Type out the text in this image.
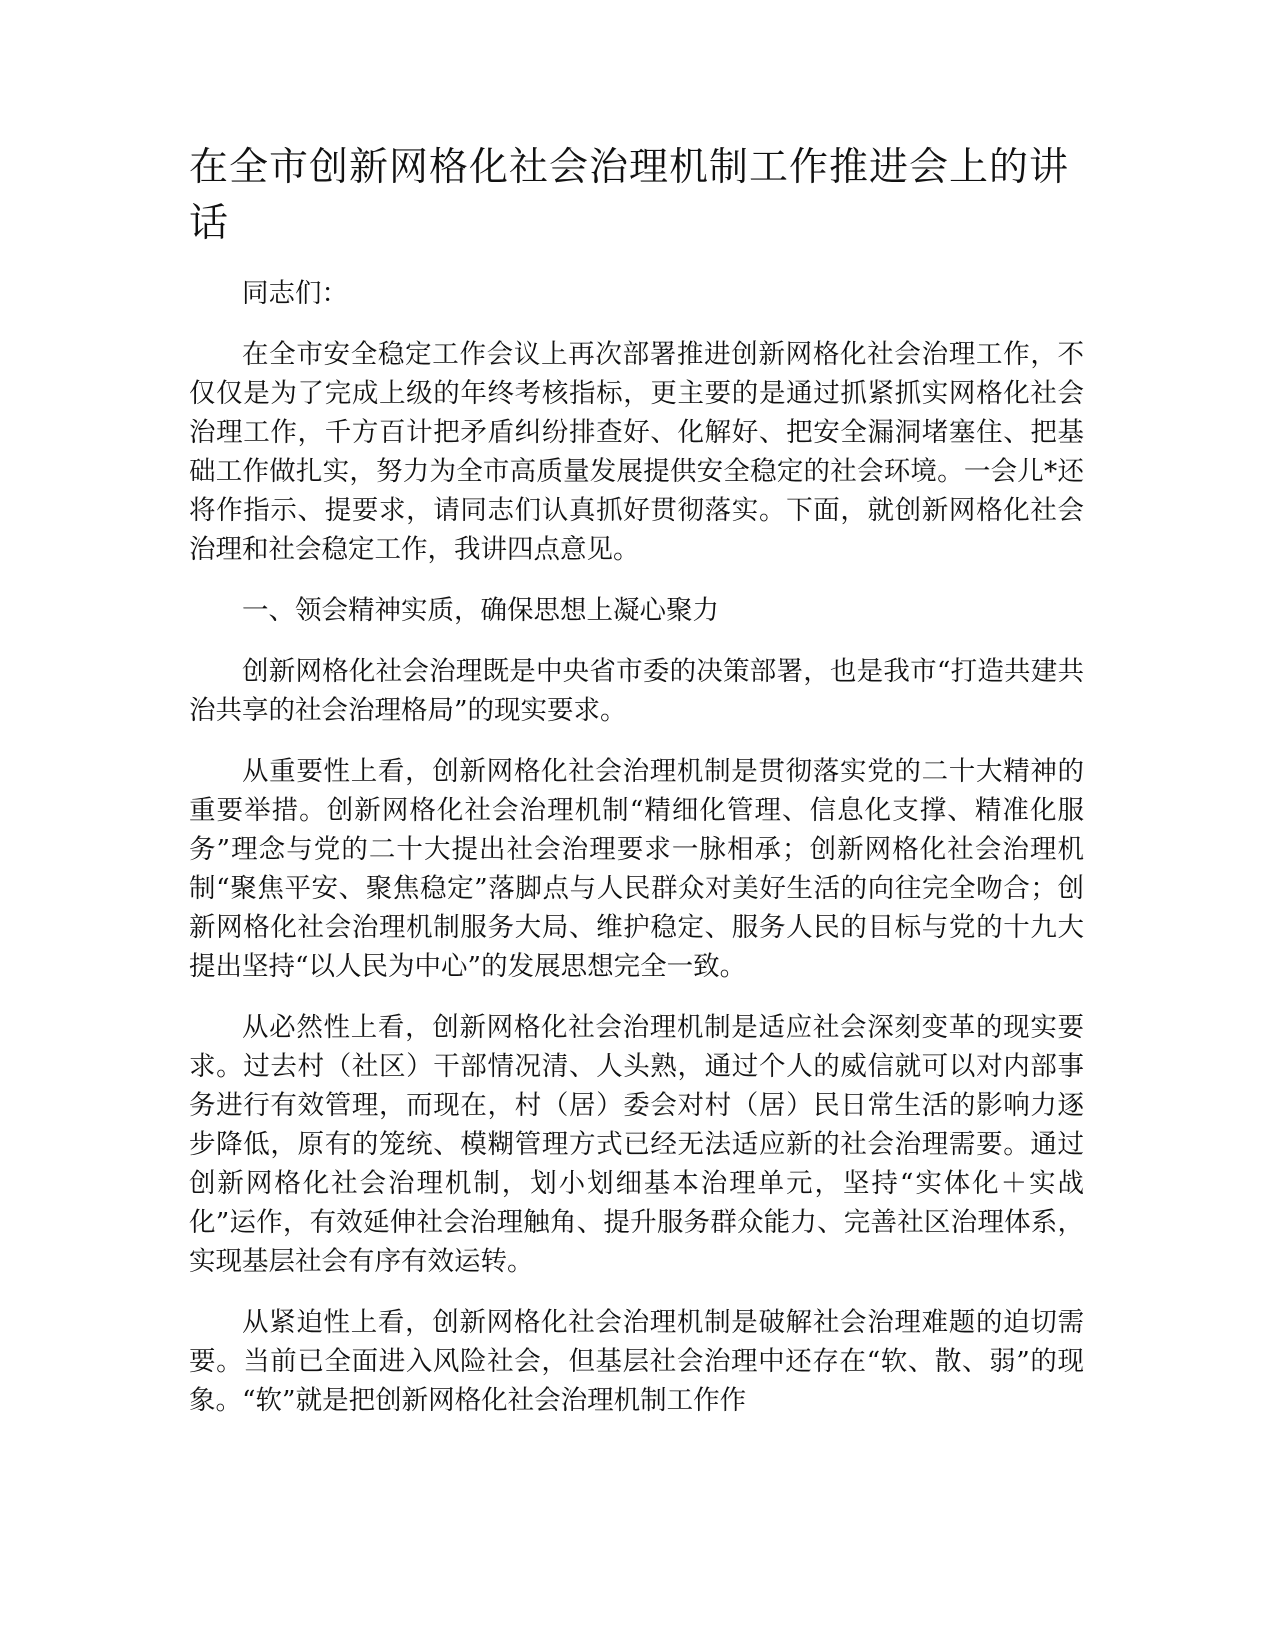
在全市创新网格化社会治理机制工作推进会上的讲话

同志们：

在全市安全稳定工作会议上再次部署推进创新网格化社会治理工作，不仅仅是为了完成上级的年终考核指标，更主要的是通过抓紧抓实网格化社会治理工作，千方百计把矛盾纠纷排查好、化解好、把安全漏洞堵塞住、把基础工作做扎实，努力为全市高质量发展提供安全稳定的社会环境。一会儿*还将作指示、提要求，请同志们认真抓好贯彻落实。下面，就创新网格化社会治理和社会稳定工作，我讲四点意见。

一、领会精神实质，确保思想上凝心聚力

创新网格化社会治理既是中央省市委的决策部署，也是我市“打造共建共治共享的社会治理格局”的现实要求。

从重要性上看，创新网格化社会治理机制是贯彻落实党的二十大精神的重要举措。创新网格化社会治理机制“精细化管理、信息化支撑、精准化服务”理念与党的二十大提出社会治理要求一脉相承；创新网格化社会治理机制“聚焦平安、聚焦稳定”落脚点与人民群众对美好生活的向往完全吻合；创新网格化社会治理机制服务大局、维护稳定、服务人民的目标与党的十九大提出坚持“以人民为中心”的发展思想完全一致。

从必然性上看，创新网格化社会治理机制是适应社会深刻变革的现实要求。过去村（社区）干部情况清、人头熟，通过个人的威信就可以对内部事务进行有效管理，而现在，村（居）委会对村（居）民日常生活的影响力逐步降低，原有的笼统、模糊管理方式已经无法适应新的社会治理需要。通过创新网格化社会治理机制，划小划细基本治理单元，坚持“实体化＋实战化”运作，有效延伸社会治理触角、提升服务群众能力、完善社区治理体系，实现基层社会有序有效运转。

从紧迫性上看，创新网格化社会治理机制是破解社会治理难题的迫切需要。当前已全面进入风险社会，但基层社会治理中还存在“软、散、弱”的现象。“软”就是把创新网格化社会治理机制工作作
